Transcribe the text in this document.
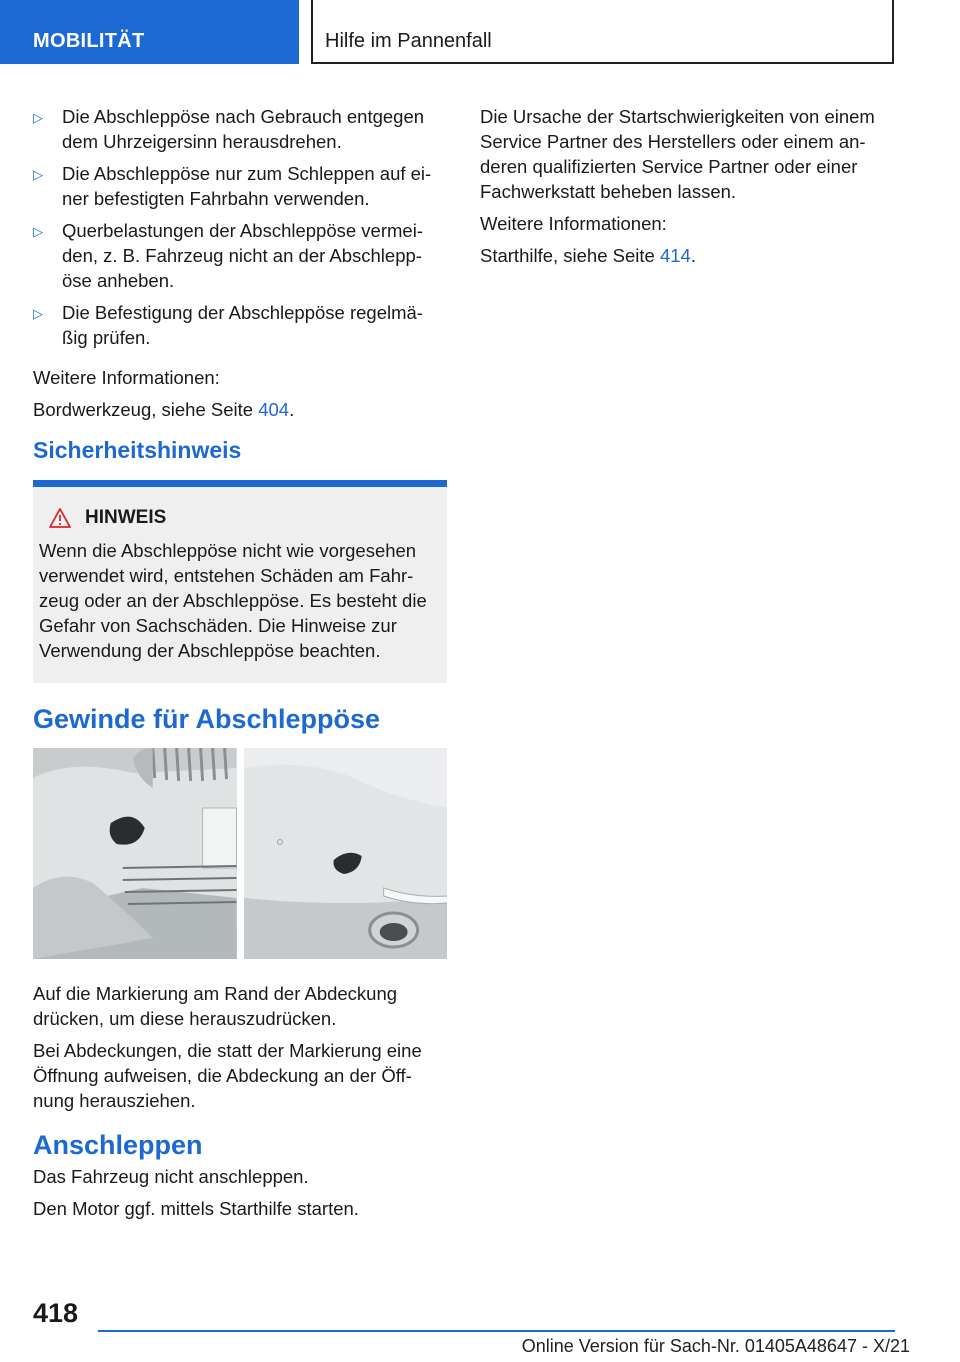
MOBILITÄT	Hilfe im Pannenfall
▷ Die Abschleppöse nach Gebrauch entgegen dem Uhrzeigersinn herausdrehen.
▷ Die Abschleppöse nur zum Schleppen auf ei‐ ner befestigten Fahrbahn verwenden.
▷ Querbelastungen der Abschleppöse vermei‐ den, z. B. Fahrzeug nicht an der Abschlepp‐ öse anheben.
▷ Die Befestigung der Abschleppöse regelmä‐ ßig prüfen.

Weitere Informationen:

Bordwerkzeug, siehe Seite 404.

Sicherheitshinweis
HINWEIS
Wenn die Abschleppöse nicht wie vorgesehen verwendet wird, entstehen Schäden am Fahr‐ zeug oder an der Abschleppöse. Es besteht die Gefahr von Sachschäden. Die Hinweise zur Verwendung der Abschleppöse beachten.
Gewinde für Abschleppöse

Auf die Markierung am Rand der Abdeckung drücken, um diese herauszudrücken.

Bei Abdeckungen, die statt der Markierung eine Öffnung aufweisen, die Abdeckung an der Öff‐ nung herausziehen.

Anschleppen

Das Fahrzeug nicht anschleppen.

Den Motor ggf. mittels Starthilfe starten.

Die Ursache der Startschwierigkeiten von einem Service Partner des Herstellers oder einem an‐ deren qualifizierten Service Partner oder einer Fachwerkstatt beheben lassen.

Weitere Informationen:

Starthilfe, siehe Seite 414.

418
Online Version für Sach-Nr. 01405A48647 - X/21
